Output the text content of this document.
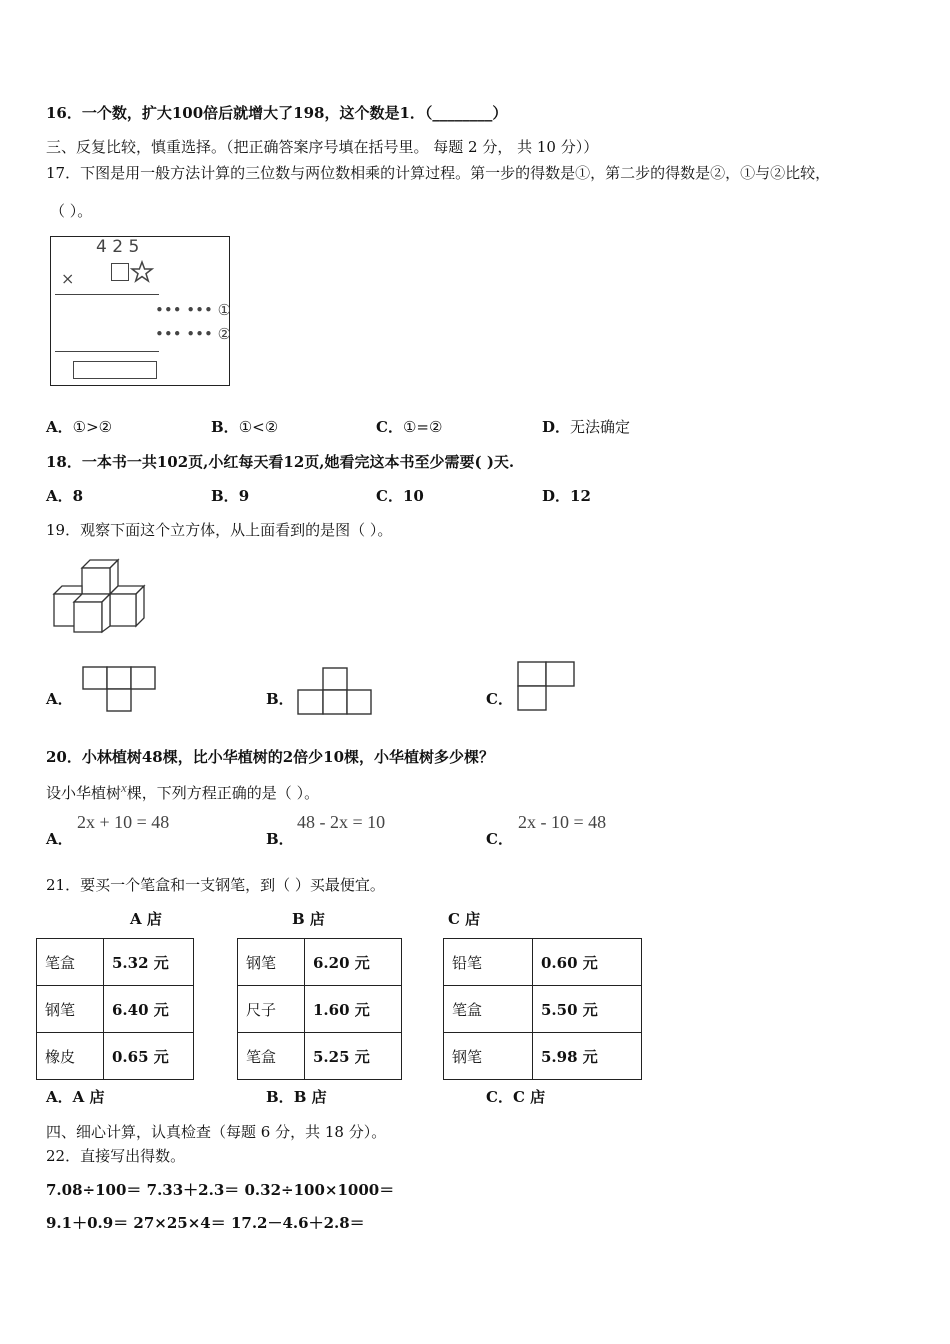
16．一个数，扩大100倍后就增大了198，这个数是1．（________）
三、反复比较，慎重选择。（把正确答案序号填在括号里。 每题 2 分， 共 10 分））
17．下图是用一般方法计算的三位数与两位数相乘的计算过程。第一步的得数是①，第二步的得数是②，①与②比较，
（ ）。
4 2 5
×
••• ••• ①
••• ••• ②
A．①>②	B．①<②	C．①=②	D．无法确定
18．一本书一共102页,小红每天看12页,她看完这本书至少需要( )天.
A．8	B．9	C．10	D．12
19．观察下面这个立方体，从上面看到的是图（ ）。
A．	B．	C．
20．小林植树48棵，比小华植树的2倍少10棵，小华植树多少棵？
设小华植树x棵，下列方程正确的是（ ）。
A．
2x + 10 = 48
B．
48 - 2x = 10
C．
2x - 10 = 48
21．要买一个笔盒和一支钢笔，到（ ）买最便宜。
A 店	B 店	C 店
笔盒	5.32 元
钢笔	6.40 元
橡皮	0.65 元
钢笔	6.20 元
尺子	1.60 元
笔盒	5.25 元
铅笔	0.60 元
笔盒	5.50 元
钢笔	5.98 元
A．A 店	B．B 店	C．C 店
四、细心计算，认真检查（每题 6 分，共 18 分）。
22．直接写出得数。
7.08÷100＝ 7.33＋2.3＝ 0.32÷100×1000＝
9.1＋0.9＝ 27×25×4＝ 17.2－4.6＋2.8＝
